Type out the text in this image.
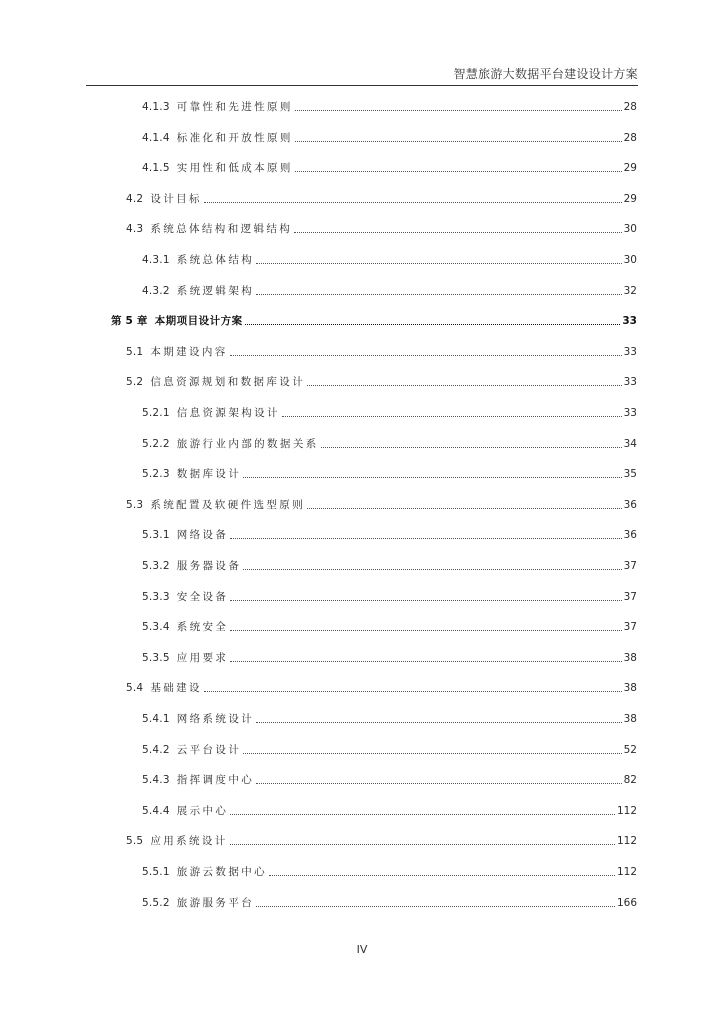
智慧旅游大数据平台建设设计方案
4.1.3 可靠性和先进性原则	28
4.1.4 标准化和开放性原则	28
4.1.5 实用性和低成本原则	29
4.2 设计目标	29
4.3 系统总体结构和逻辑结构	30
4.3.1 系统总体结构	30
4.3.2 系统逻辑架构	32
第 5 章 本期项目设计方案	33
5.1 本期建设内容	33
5.2 信息资源规划和数据库设计	33
5.2.1 信息资源架构设计	33
5.2.2 旅游行业内部的数据关系	34
5.2.3 数据库设计	35
5.3 系统配置及软硬件选型原则	36
5.3.1 网络设备	36
5.3.2 服务器设备	37
5.3.3 安全设备	37
5.3.4 系统安全	37
5.3.5 应用要求	38
5.4 基础建设	38
5.4.1 网络系统设计	38
5.4.2 云平台设计	52
5.4.3 指挥调度中心	82
5.4.4 展示中心	112
5.5 应用系统设计	112
5.5.1 旅游云数据中心	112
5.5.2 旅游服务平台	166
IV
